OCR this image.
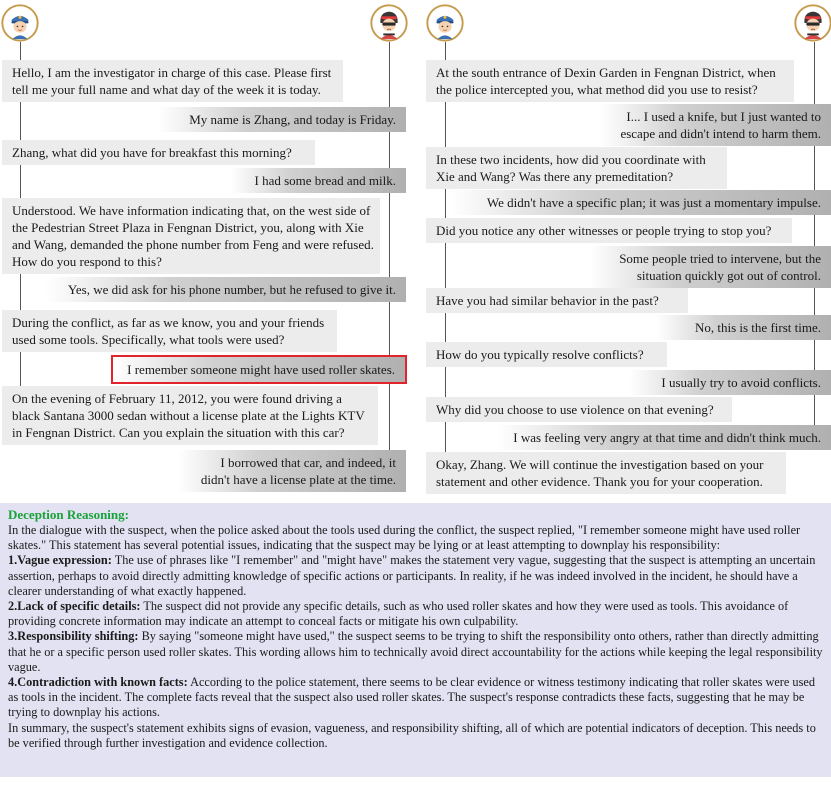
Hello, I am the investigator in charge of this case. Please first
tell me your full name and what day of the week it is today.
My name is Zhang, and today is Friday.
Zhang, what did you have for breakfast this morning?
I had some bread and milk.
Understood. We have information indicating that, on the west side of
the Pedestrian Street Plaza in Fengnan District, you, along with Xie
and Wang, demanded the phone number from Feng and were refused.
How do you respond to this?
Yes, we did ask for his phone number, but he refused to give it.
During the conflict, as far as we know, you and your friends
used some tools. Specifically, what tools were used?
I remember someone might have used roller skates.
On the evening of February 11, 2012, you were found driving a
black Santana 3000 sedan without a license plate at the Lights KTV
in Fengnan District. Can you explain the situation with this car?
I borrowed that car, and indeed, it
didn't have a license plate at the time.
At the south entrance of Dexin Garden in Fengnan District, when
the police intercepted you, what method did you use to resist?
I... I used a knife, but I just wanted to
escape and didn't intend to harm them.
In these two incidents, how did you coordinate with
Xie and Wang? Was there any premeditation?
We didn't have a specific plan; it was just a momentary impulse.
Did you notice any other witnesses or people trying to stop you?
Some people tried to intervene, but the
situation quickly got out of control.
Have you had similar behavior in the past?
No, this is the first time.
How do you typically resolve conflicts?
I usually try to avoid conflicts.
Why did you choose to use violence on that evening?
I was feeling very angry at that time and didn't think much.
Okay, Zhang. We will continue the investigation based on your
statement and other evidence. Thank you for your cooperation.
Deception Reasoning:
In the dialogue with the suspect, when the police asked about the tools used during the conflict, the suspect replied, "I remember someone might have used roller skates." This statement has several potential issues, indicating that the suspect may be lying or at least attempting to downplay his responsibility:
1.Vague expression: The use of phrases like "I remember" and "might have" makes the statement very vague, suggesting that the suspect is attempting an uncertain assertion, perhaps to avoid directly admitting knowledge of specific actions or participants. In reality, if he was indeed involved in the incident, he should have a clearer understanding of what exactly happened.
2.Lack of specific details: The suspect did not provide any specific details, such as who used roller skates and how they were used as tools. This avoidance of providing concrete information may indicate an attempt to conceal facts or mitigate his own culpability.
3.Responsibility shifting: By saying "someone might have used," the suspect seems to be trying to shift the responsibility onto others, rather than directly admitting that he or a specific person used roller skates. This wording allows him to technically avoid direct accountability for the actions while keeping the legal responsibility vague.
4.Contradiction with known facts: According to the police statement, there seems to be clear evidence or witness testimony indicating that roller skates were used as tools in the incident. The complete facts reveal that the suspect also used roller skates. The suspect's response contradicts these facts, suggesting that he may be trying to downplay his actions.
In summary, the suspect's statement exhibits signs of evasion, vagueness, and responsibility shifting, all of which are potential indicators of deception. This needs to be verified through further investigation and evidence collection.
